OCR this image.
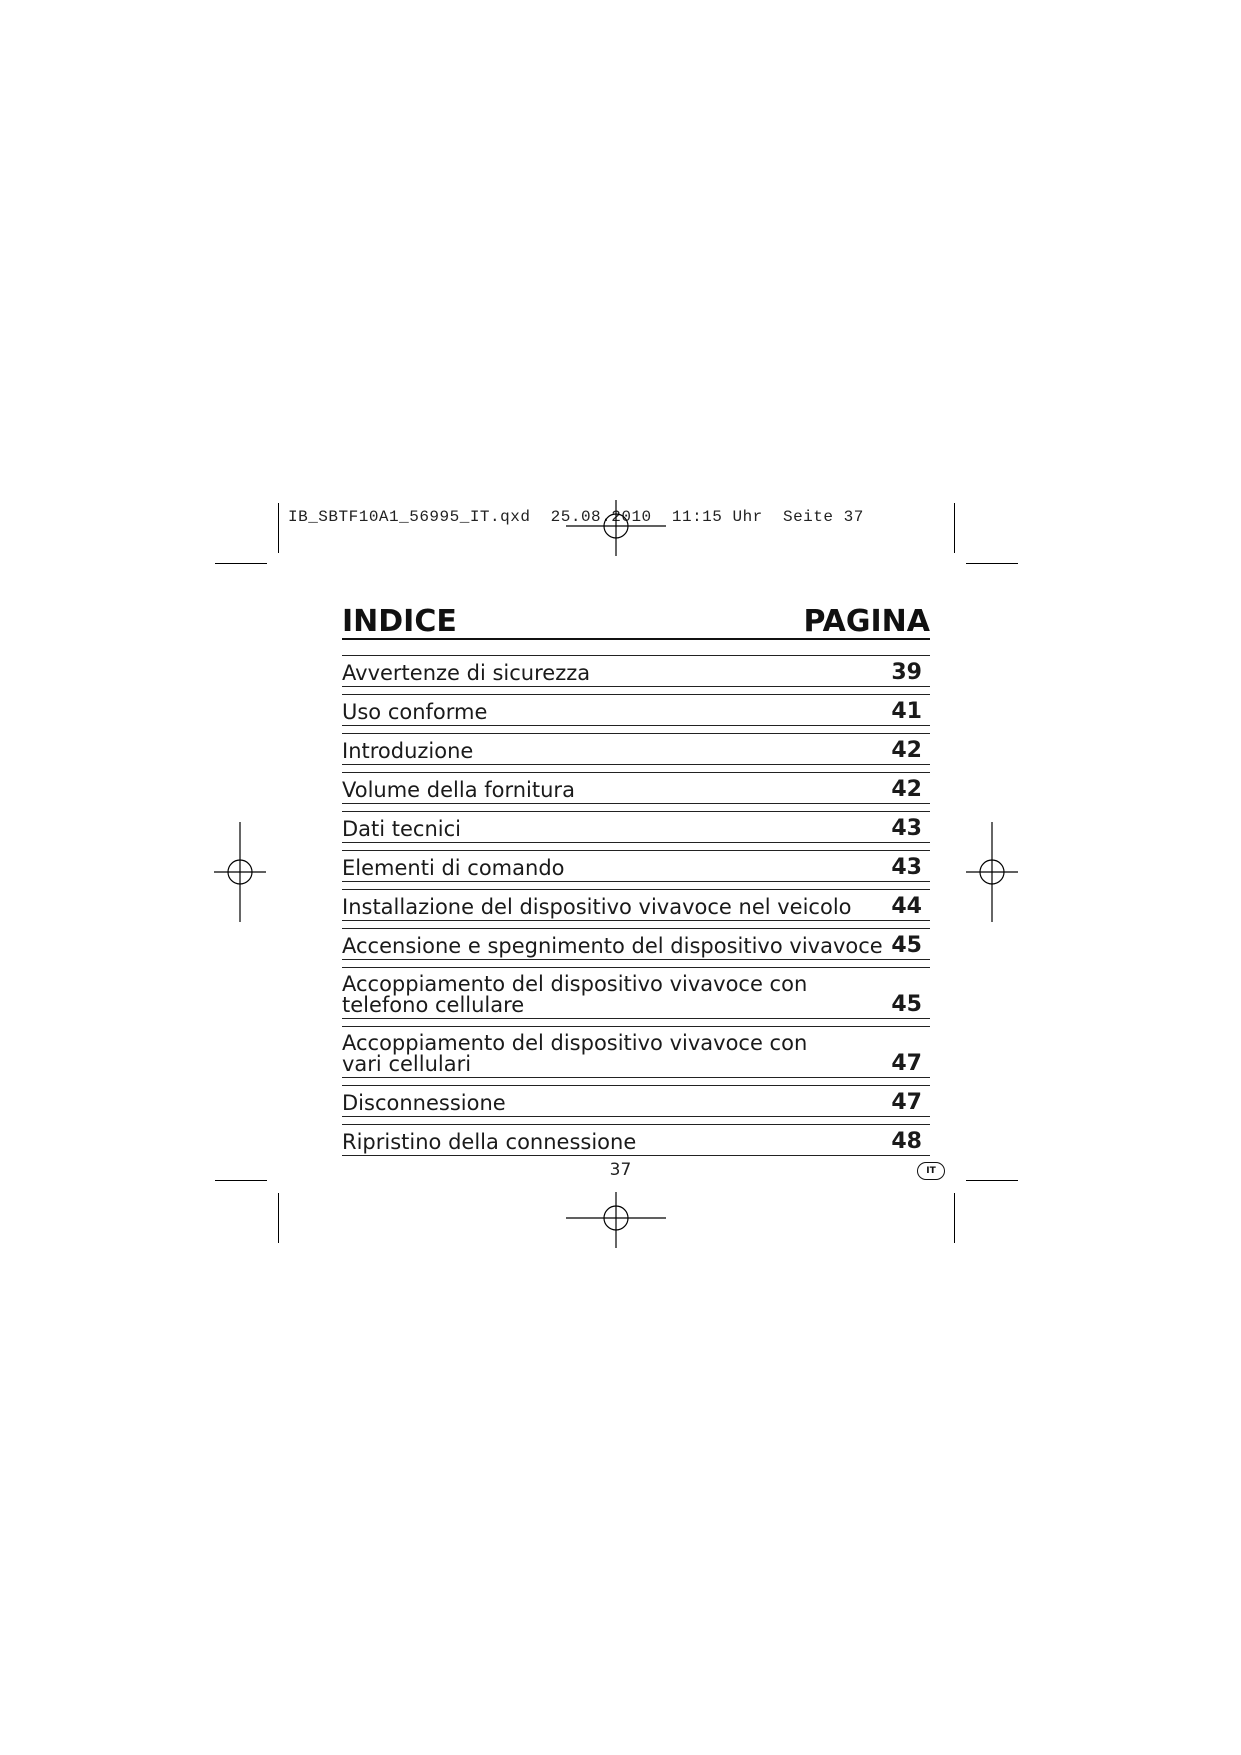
IB_SBTF10A1_56995_IT.qxd  25.08.2010  11:15 Uhr  Seite 37
INDICE	PAGINA
Avvertenze di sicurezza	39
Uso conforme	41
Introduzione	42
Volume della fornitura	42
Dati tecnici	43
Elementi di comando	43
Installazione del dispositivo vivavoce nel veicolo 44
Accensione e spegnimento del dispositivo vivavoce 45
Accoppiamento del dispositivo vivavoce con
telefono cellulare	45
Accoppiamento del dispositivo vivavoce con
vari cellulari	47
Disconnessione	47
Ripristino della connessione	48
37	IT
